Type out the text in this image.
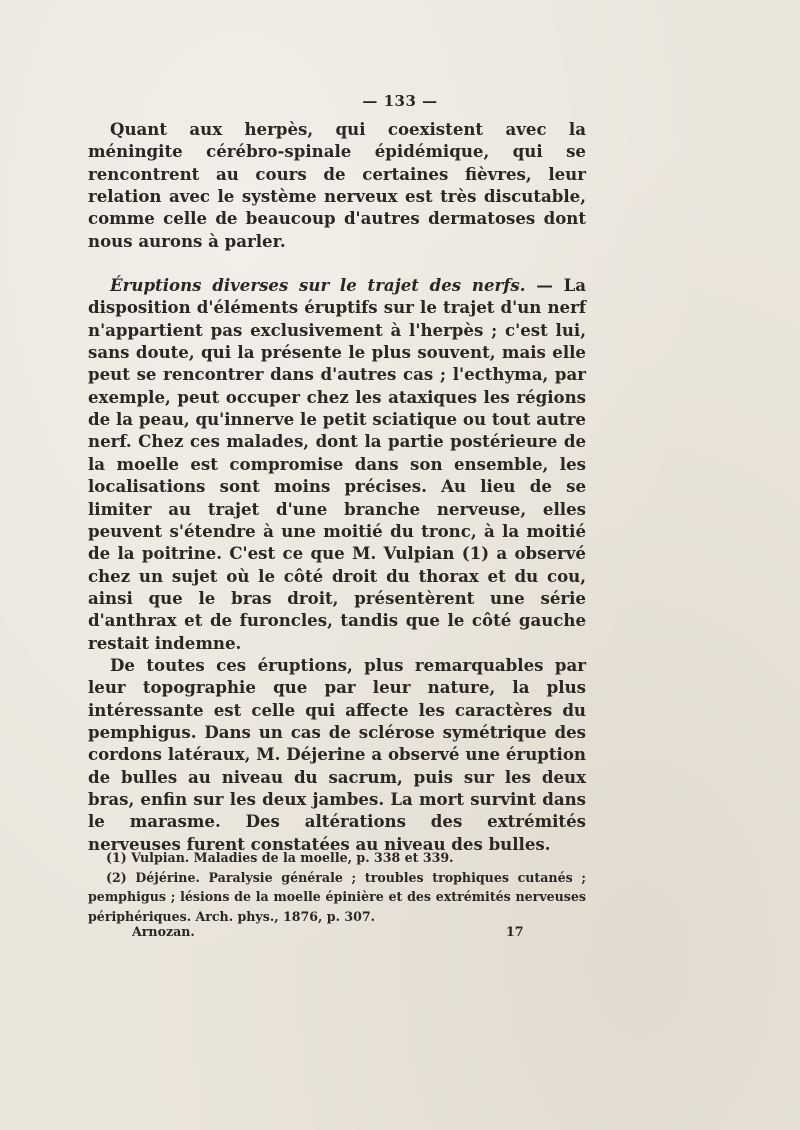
— 133 —

Quant aux herpès, qui coexistent avec la méningite cérébro-spinale épidémique, qui se rencontrent au cours de certaines fièvres, leur relation avec le système nerveux est très discutable, comme celle de beaucoup d'autres dermatoses dont nous aurons à parler.

Éruptions diverses sur le trajet des nerfs. — La disposition d'éléments éruptifs sur le trajet d'un nerf n'appartient pas exclusivement à l'herpès ; c'est lui, sans doute, qui la présente le plus souvent, mais elle peut se rencontrer dans d'autres cas ; l'ecthyma, par exemple, peut occuper chez les ataxiques les régions de la peau, qu'innerve le petit sciatique ou tout autre nerf. Chez ces malades, dont la partie postérieure de la moelle est compromise dans son ensemble, les localisations sont moins précises. Au lieu de se limiter au trajet d'une branche nerveuse, elles peuvent s'étendre à une moitié du tronc, à la moitié de la poitrine. C'est ce que M. Vulpian (1) a observé chez un sujet où le côté droit du thorax et du cou, ainsi que le bras droit, présentèrent une série d'anthrax et de furoncles, tandis que le côté gauche restait indemne.

De toutes ces éruptions, plus remarquables par leur topographie que par leur nature, la plus intéressante est celle qui affecte les caractères du pemphigus. Dans un cas de sclérose symétrique des cordons latéraux, M. Déjerine a observé une éruption de bulles au niveau du sacrum, puis sur les deux bras, enfin sur les deux jambes. La mort survint dans le marasme. Des altérations des extrémités nerveuses furent constatées au niveau des bulles.

(1) Vulpian. Maladies de la moelle, p. 338 et 339.

(2) Déjérine. Paralysie générale ; troubles trophiques cutanés ; pemphigus ; lésions de la moelle épinière et des extrémités nerveuses périphériques. Arch. phys., 1876, p. 307.

Arnozan.	17
